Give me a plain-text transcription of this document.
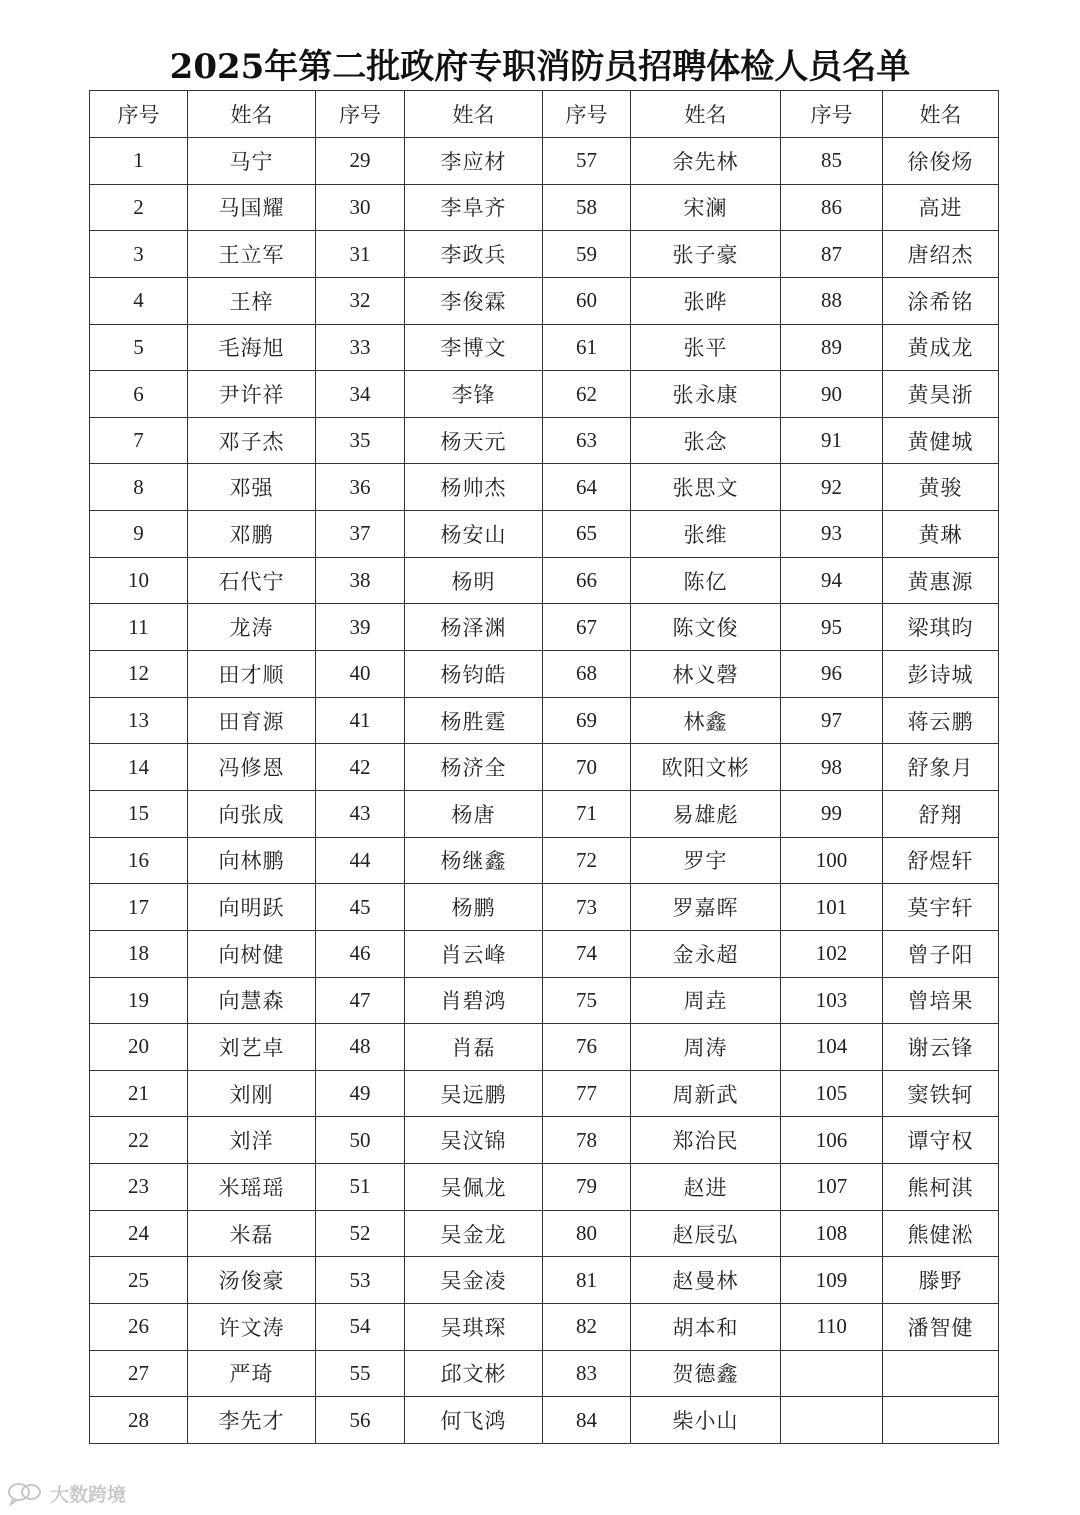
2025年第二批政府专职消防员招聘体检人员名单
序号	姓名	序号	姓名	序号	姓名	序号	姓名
1	马宁	29	李应材	57	余先林	85	徐俊炀
2	马国耀	30	李阜齐	58	宋澜	86	高进
3	王立军	31	李政兵	59	张子豪	87	唐绍杰
4	王梓	32	李俊霖	60	张晔	88	涂希铭
5	毛海旭	33	李博文	61	张平	89	黄成龙
6	尹许祥	34	李锋	62	张永康	90	黄昊浙
7	邓子杰	35	杨天元	63	张念	91	黄健城
8	邓强	36	杨帅杰	64	张思文	92	黄骏
9	邓鹏	37	杨安山	65	张维	93	黄琳
10	石代宁	38	杨明	66	陈亿	94	黄惠源
11	龙涛	39	杨泽渊	67	陈文俊	95	梁琪昀
12	田才顺	40	杨钧皓	68	林义磬	96	彭诗城
13	田育源	41	杨胜霆	69	林鑫	97	蒋云鹏
14	冯修恩	42	杨济全	70	欧阳文彬	98	舒象月
15	向张成	43	杨唐	71	易雄彪	99	舒翔
16	向林鹏	44	杨继鑫	72	罗宇	100	舒煜轩
17	向明跃	45	杨鹏	73	罗嘉晖	101	莫宇轩
18	向树健	46	肖云峰	74	金永超	102	曾子阳
19	向慧森	47	肖碧鸿	75	周垚	103	曾培果
20	刘艺卓	48	肖磊	76	周涛	104	谢云锋
21	刘刚	49	吴远鹏	77	周新武	105	窦铁轲
22	刘洋	50	吴汶锦	78	郑治民	106	谭守权
23	米瑶瑶	51	吴佩龙	79	赵进	107	熊柯淇
24	米磊	52	吴金龙	80	赵辰弘	108	熊健淞
25	汤俊豪	53	吴金凌	81	赵曼林	109	滕野
26	许文涛	54	吴琪琛	82	胡本和	110	潘智健
27	严琦	55	邱文彬	83	贺德鑫		
28	李先才	56	何飞鸿	84	柴小山		
大数跨境
